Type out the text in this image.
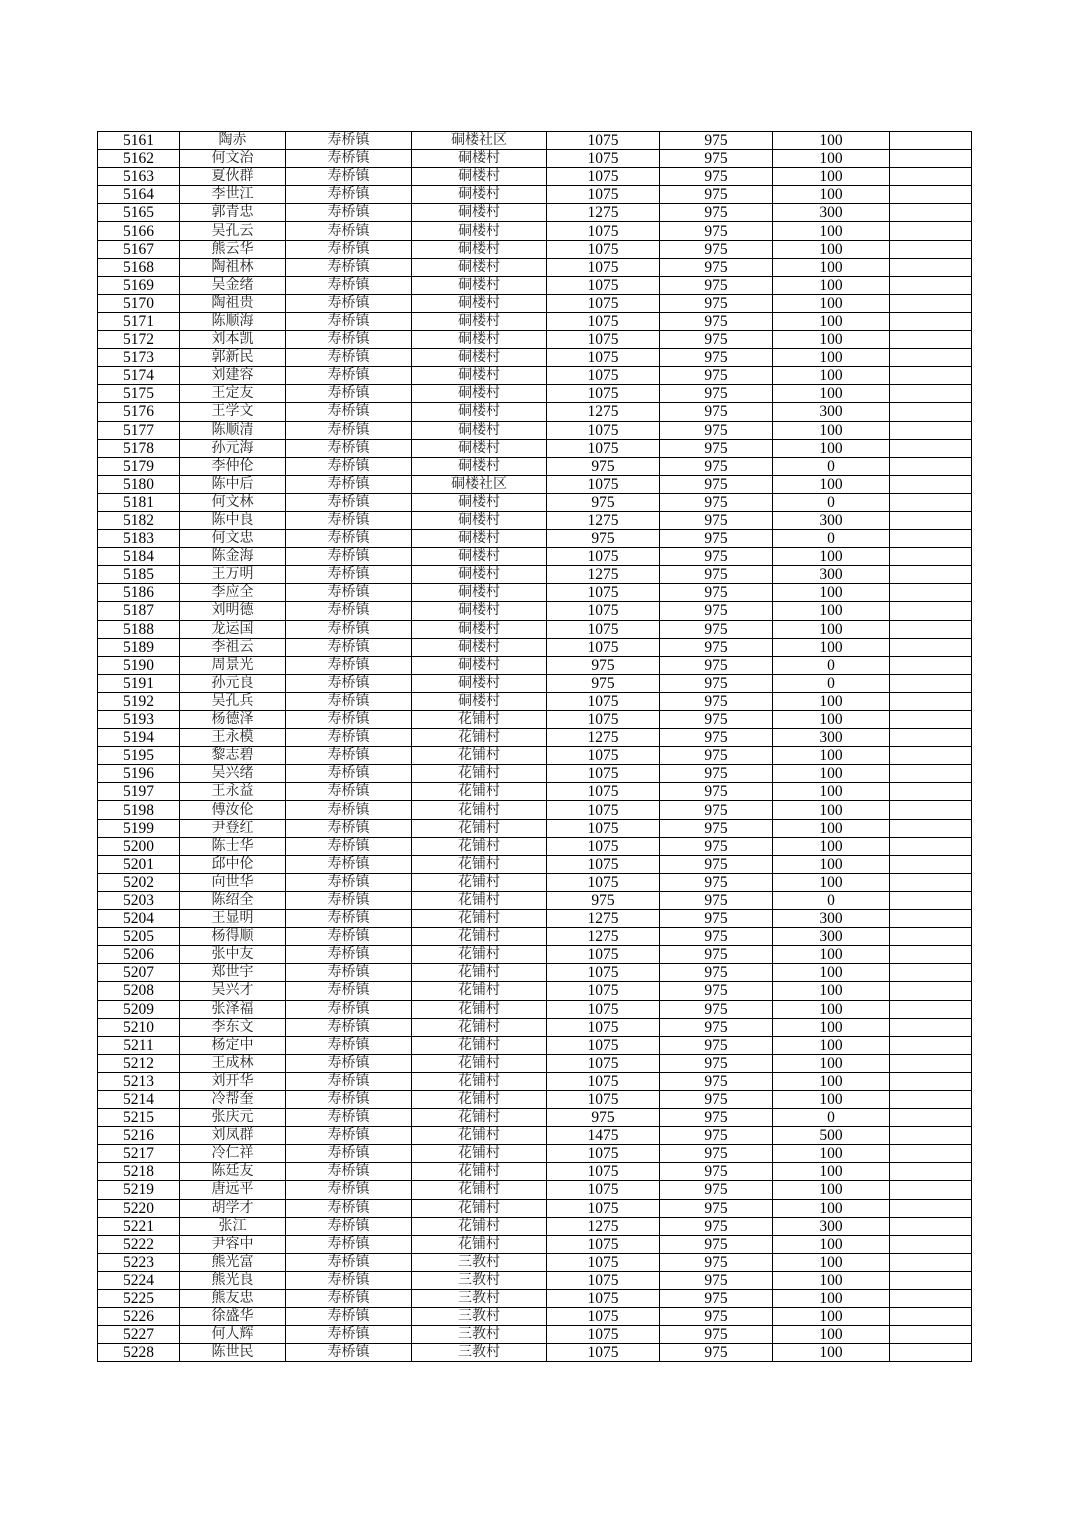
5161	陶赤	寿桥镇	硐楼社区	1075	975	100	
5162	何文治	寿桥镇	硐楼村	1075	975	100	
5163	夏伙群	寿桥镇	硐楼村	1075	975	100	
5164	李世江	寿桥镇	硐楼村	1075	975	100	
5165	郭青忠	寿桥镇	硐楼村	1275	975	300	
5166	吴孔云	寿桥镇	硐楼村	1075	975	100	
5167	熊云华	寿桥镇	硐楼村	1075	975	100	
5168	陶祖林	寿桥镇	硐楼村	1075	975	100	
5169	吴金绪	寿桥镇	硐楼村	1075	975	100	
5170	陶祖贵	寿桥镇	硐楼村	1075	975	100	
5171	陈顺海	寿桥镇	硐楼村	1075	975	100	
5172	刘本凯	寿桥镇	硐楼村	1075	975	100	
5173	郭新民	寿桥镇	硐楼村	1075	975	100	
5174	刘建容	寿桥镇	硐楼村	1075	975	100	
5175	王定友	寿桥镇	硐楼村	1075	975	100	
5176	王学文	寿桥镇	硐楼村	1275	975	300	
5177	陈顺清	寿桥镇	硐楼村	1075	975	100	
5178	孙元海	寿桥镇	硐楼村	1075	975	100	
5179	李仲伦	寿桥镇	硐楼村	975	975	0	
5180	陈中后	寿桥镇	硐楼社区	1075	975	100	
5181	何文林	寿桥镇	硐楼村	975	975	0	
5182	陈中良	寿桥镇	硐楼村	1275	975	300	
5183	何文忠	寿桥镇	硐楼村	975	975	0	
5184	陈金海	寿桥镇	硐楼村	1075	975	100	
5185	王万明	寿桥镇	硐楼村	1275	975	300	
5186	李应全	寿桥镇	硐楼村	1075	975	100	
5187	刘明德	寿桥镇	硐楼村	1075	975	100	
5188	龙运国	寿桥镇	硐楼村	1075	975	100	
5189	李祖云	寿桥镇	硐楼村	1075	975	100	
5190	周景光	寿桥镇	硐楼村	975	975	0	
5191	孙元良	寿桥镇	硐楼村	975	975	0	
5192	吴孔兵	寿桥镇	硐楼村	1075	975	100	
5193	杨德泽	寿桥镇	花铺村	1075	975	100	
5194	王永模	寿桥镇	花铺村	1275	975	300	
5195	黎志碧	寿桥镇	花铺村	1075	975	100	
5196	吴兴绪	寿桥镇	花铺村	1075	975	100	
5197	王永益	寿桥镇	花铺村	1075	975	100	
5198	傅汝伦	寿桥镇	花铺村	1075	975	100	
5199	尹登红	寿桥镇	花铺村	1075	975	100	
5200	陈士华	寿桥镇	花铺村	1075	975	100	
5201	邱中伦	寿桥镇	花铺村	1075	975	100	
5202	向世华	寿桥镇	花铺村	1075	975	100	
5203	陈绍全	寿桥镇	花铺村	975	975	0	
5204	王显明	寿桥镇	花铺村	1275	975	300	
5205	杨得顺	寿桥镇	花铺村	1275	975	300	
5206	张中友	寿桥镇	花铺村	1075	975	100	
5207	郑世宇	寿桥镇	花铺村	1075	975	100	
5208	吴兴才	寿桥镇	花铺村	1075	975	100	
5209	张泽福	寿桥镇	花铺村	1075	975	100	
5210	李东文	寿桥镇	花铺村	1075	975	100	
5211	杨定中	寿桥镇	花铺村	1075	975	100	
5212	王成林	寿桥镇	花铺村	1075	975	100	
5213	刘开华	寿桥镇	花铺村	1075	975	100	
5214	冷帮奎	寿桥镇	花铺村	1075	975	100	
5215	张庆元	寿桥镇	花铺村	975	975	0	
5216	刘凤群	寿桥镇	花铺村	1475	975	500	
5217	冷仁祥	寿桥镇	花铺村	1075	975	100	
5218	陈廷友	寿桥镇	花铺村	1075	975	100	
5219	唐远平	寿桥镇	花铺村	1075	975	100	
5220	胡学才	寿桥镇	花铺村	1075	975	100	
5221	张江	寿桥镇	花铺村	1275	975	300	
5222	尹容中	寿桥镇	花铺村	1075	975	100	
5223	熊光富	寿桥镇	三教村	1075	975	100	
5224	熊光良	寿桥镇	三教村	1075	975	100	
5225	熊友忠	寿桥镇	三教村	1075	975	100	
5226	徐盛华	寿桥镇	三教村	1075	975	100	
5227	何人辉	寿桥镇	三教村	1075	975	100	
5228	陈世民	寿桥镇	三教村	1075	975	100	
